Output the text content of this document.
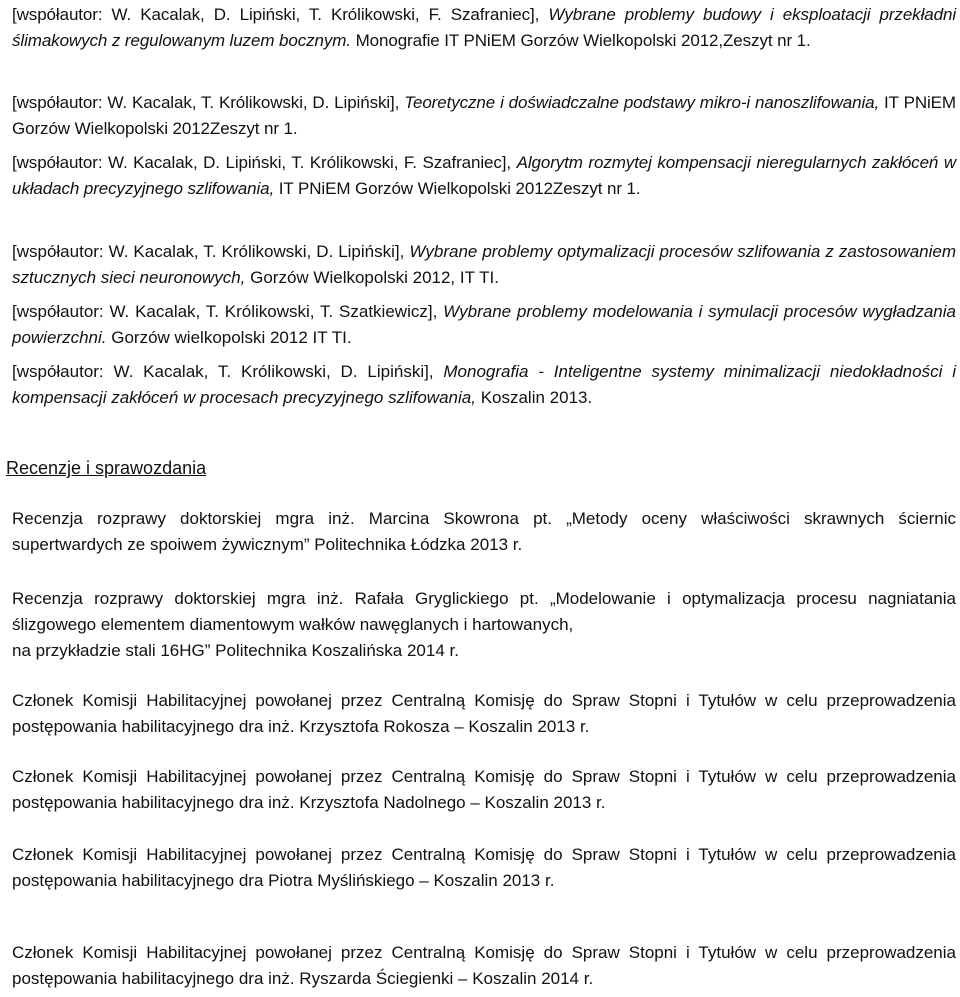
[współautor: W. Kacalak, D. Lipiński, T. Królikowski, F. Szafraniec], Wybrane problemy budowy i eksploatacji przekładni ślimakowych z regulowanym luzem bocznym. Monografie IT PNiEM Gorzów Wielkopolski 2012,Zeszyt nr 1.

[współautor: W. Kacalak, T. Królikowski, D. Lipiński], Teoretyczne i doświadczalne podstawy mikro-i nanoszlifowania, IT PNiEM Gorzów Wielkopolski 2012Zeszyt nr 1.

[współautor: W. Kacalak, D. Lipiński, T. Królikowski, F. Szafraniec], Algorytm rozmytej kompensacji nieregularnych zakłóceń w układach precyzyjnego szlifowania, IT PNiEM Gorzów Wielkopolski 2012Zeszyt nr 1.

[współautor: W. Kacalak, T. Królikowski, D. Lipiński], Wybrane problemy optymalizacji procesów szlifowania z zastosowaniem sztucznych sieci neuronowych, Gorzów Wielkopolski 2012, IT TI.

[współautor: W. Kacalak, T. Królikowski, T. Szatkiewicz], Wybrane problemy modelowania i symulacji procesów wygładzania powierzchni. Gorzów wielkopolski 2012 IT TI.

[współautor: W. Kacalak, T. Królikowski, D. Lipiński], Monografia - Inteligentne systemy minimalizacji niedokładności i kompensacji zakłóceń w procesach precyzyjnego szlifowania, Koszalin 2013.

Recenzje i sprawozdania

Recenzja rozprawy doktorskiej mgra inż. Marcina Skowrona pt. „Metody oceny właściwości skrawnych ściernic supertwardych ze spoiwem żywicznym” Politechnika Łódzka 2013 r.

Recenzja rozprawy doktorskiej mgra inż. Rafała Gryglickiego pt. „Modelowanie i optymalizacja procesu nagniatania ślizgowego elementem diamentowym wałków nawęglanych i hartowanych,

na przykładzie stali 16HG” Politechnika Koszalińska 2014 r.

Członek Komisji Habilitacyjnej powołanej przez Centralną Komisję do Spraw Stopni i Tytułów w celu przeprowadzenia postępowania habilitacyjnego dra inż. Krzysztofa Rokosza – Koszalin 2013 r.

Członek Komisji Habilitacyjnej powołanej przez Centralną Komisję do Spraw Stopni i Tytułów w celu przeprowadzenia postępowania habilitacyjnego dra inż. Krzysztofa Nadolnego – Koszalin 2013 r.

Członek Komisji Habilitacyjnej powołanej przez Centralną Komisję do Spraw Stopni i Tytułów w celu przeprowadzenia postępowania habilitacyjnego dra Piotra Myślińskiego – Koszalin 2013 r.

Członek Komisji Habilitacyjnej powołanej przez Centralną Komisję do Spraw Stopni i Tytułów w celu przeprowadzenia postępowania habilitacyjnego dra inż. Ryszarda Ściegienki – Koszalin 2014 r.
